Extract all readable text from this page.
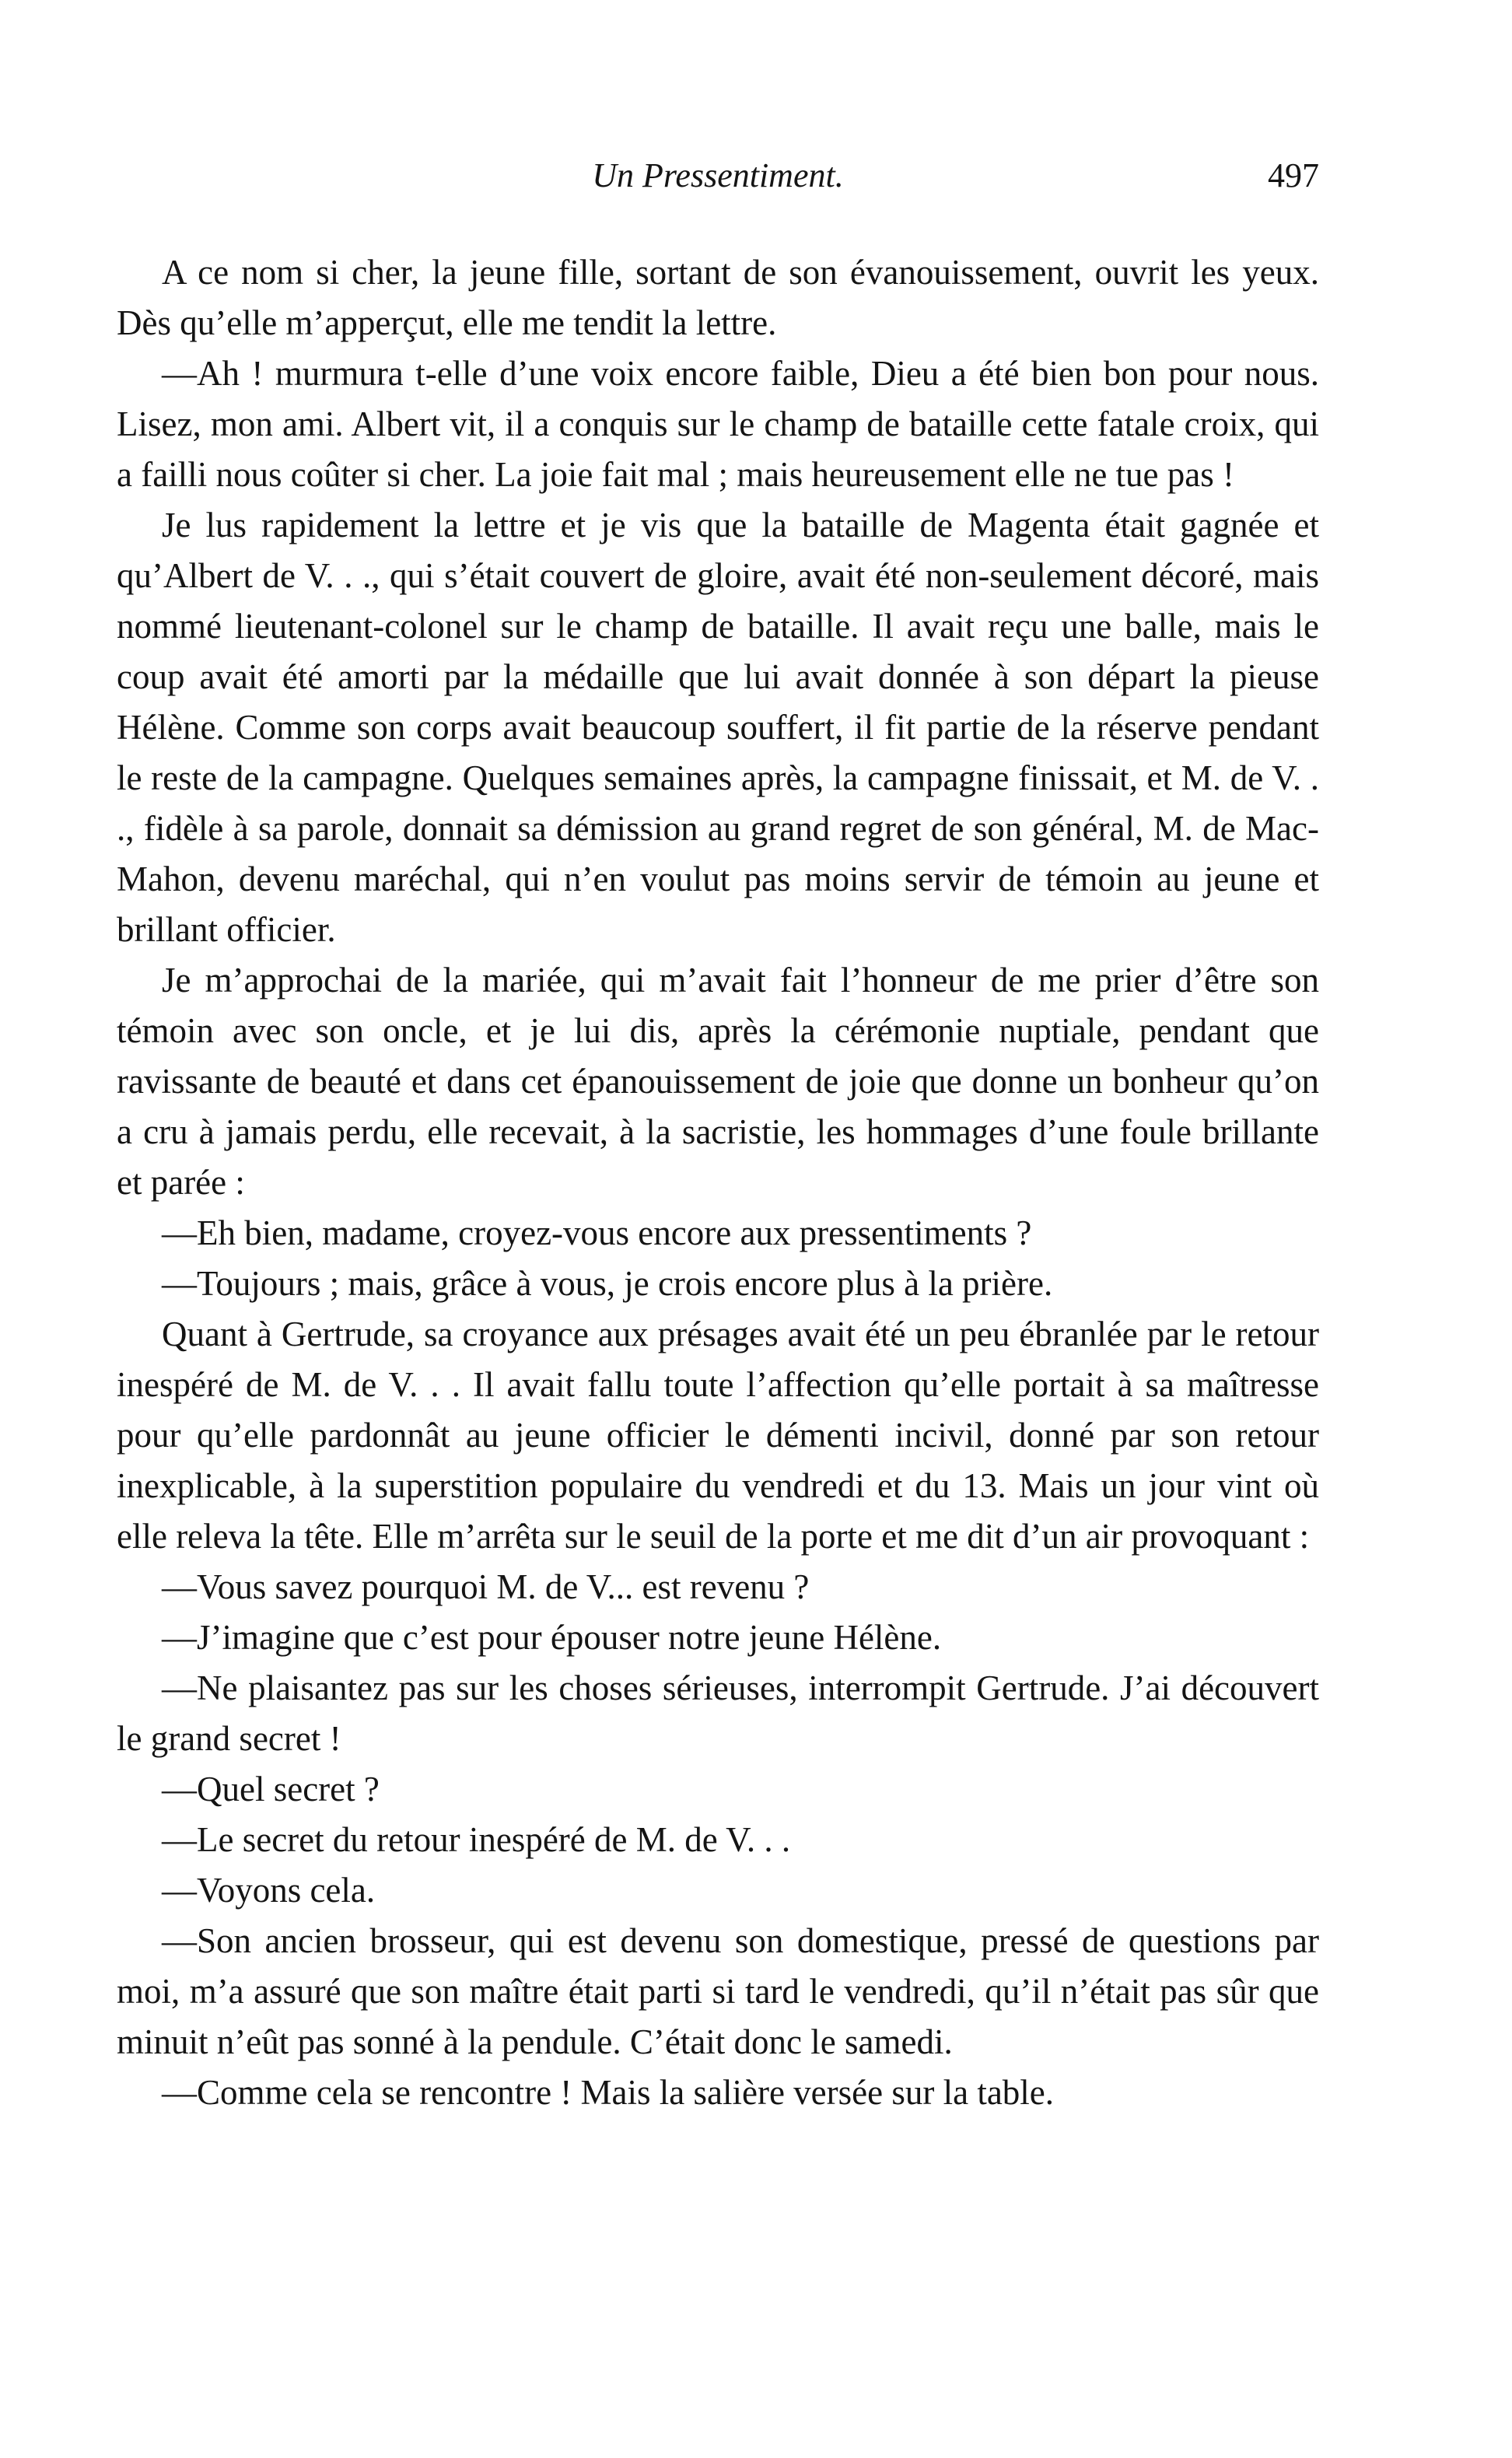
Un Pressentiment.	497

A ce nom si cher, la jeune fille, sortant de son évanouissement, ouvrit les yeux. Dès qu’elle m’apperçut, elle me tendit la lettre.

—Ah ! murmura t-elle d’une voix encore faible, Dieu a été bien bon pour nous. Lisez, mon ami. Albert vit, il a conquis sur le champ de bataille cette fatale croix, qui a failli nous coûter si cher. La joie fait mal ; mais heureusement elle ne tue pas !

Je lus rapidement la lettre et je vis que la bataille de Magenta était gagnée et qu’Albert de V. . ., qui s’était couvert de gloire, avait été non-seulement décoré, mais nommé lieutenant-colonel sur le champ de bataille. Il avait reçu une balle, mais le coup avait été amorti par la médaille que lui avait donnée à son départ la pieuse Hélène. Comme son corps avait beaucoup souffert, il fit partie de la réserve pendant le reste de la campagne. Quelques semaines après, la campagne finissait, et M. de V. . ., fidèle à sa parole, donnait sa démission au grand regret de son général, M. de Mac-Mahon, devenu maréchal, qui n’en voulut pas moins servir de témoin au jeune et brillant officier.

Je m’approchai de la mariée, qui m’avait fait l’honneur de me prier d’être son témoin avec son oncle, et je lui dis, après la cérémonie nuptiale, pendant que ravissante de beauté et dans cet épanouissement de joie que donne un bonheur qu’on a cru à jamais perdu, elle recevait, à la sacristie, les hommages d’une foule brillante et parée :

—Eh bien, madame, croyez-vous encore aux pressentiments ?

—Toujours ; mais, grâce à vous, je crois encore plus à la prière.

Quant à Gertrude, sa croyance aux présages avait été un peu ébranlée par le retour inespéré de M. de V. . . Il avait fallu toute l’affection qu’elle portait à sa maîtresse pour qu’elle pardonnât au jeune officier le démenti incivil, donné par son retour inexplicable, à la superstition populaire du vendredi et du 13. Mais un jour vint où elle releva la tête. Elle m’arrêta sur le seuil de la porte et me dit d’un air provoquant :

—Vous savez pourquoi M. de V... est revenu ?

—J’imagine que c’est pour épouser notre jeune Hélène.

—Ne plaisantez pas sur les choses sérieuses, interrompit Gertrude. J’ai découvert le grand secret !

—Quel secret ?

—Le secret du retour inespéré de M. de V. . .

—Voyons cela.

—Son ancien brosseur, qui est devenu son domestique, pressé de questions par moi, m’a assuré que son maître était parti si tard le vendredi, qu’il n’était pas sûr que minuit n’eût pas sonné à la pendule. C’était donc le samedi.

—Comme cela se rencontre ! Mais la salière versée sur la table.
